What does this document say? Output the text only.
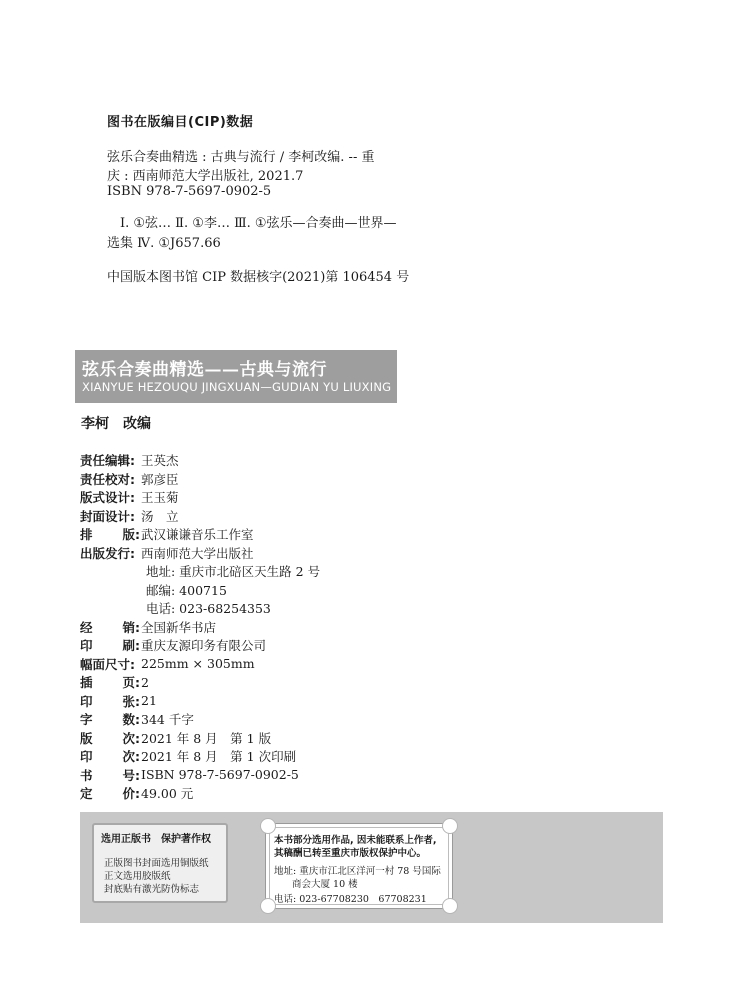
图书在版编目(CIP)数据
弦乐合奏曲精选 : 古典与流行 / 李柯改编. -- 重
庆 : 西南师范大学出版社, 2021.7
ISBN 978-7-5697-0902-5
Ⅰ. ①弦… Ⅱ. ①李… Ⅲ. ①弦乐—合奏曲—世界—
选集 Ⅳ. ①J657.66
中国版本图书馆 CIP 数据核字(2021)第 106454 号
弦乐合奏曲精选——古典与流行
XIANYUE HEZOUQU JINGXUAN—GUDIAN YU LIUXING
李柯　改编
责任编辑: 王英杰
责任校对: 郭彦臣
版式设计: 王玉菊
封面设计: 汤　立
排 版: 武汉谦谦音乐工作室
出版发行: 西南师范大学出版社
地址: 重庆市北碚区天生路 2 号
邮编: 400715
电话: 023-68254353
经 销: 全国新华书店
印 刷: 重庆友源印务有限公司
幅面尺寸: 225mm × 305mm
插 页: 2
印 张: 21
字 数: 344 千字
版 次: 2021 年 8 月　第 1 版
印 次: 2021 年 8 月　第 1 次印刷
书 号: ISBN 978-7-5697-0902-5
定 价: 49.00 元
选用正版书　保护著作权
正版图书封面选用铜版纸
正文选用胶版纸
封底贴有激光防伪标志
本书部分选用作品, 因未能联系上作者,
其稿酬已转至重庆市版权保护中心。
地址: 重庆市江北区洋河一村 78 号国际
商会大厦 10 楼
电话: 023-67708230　67708231
